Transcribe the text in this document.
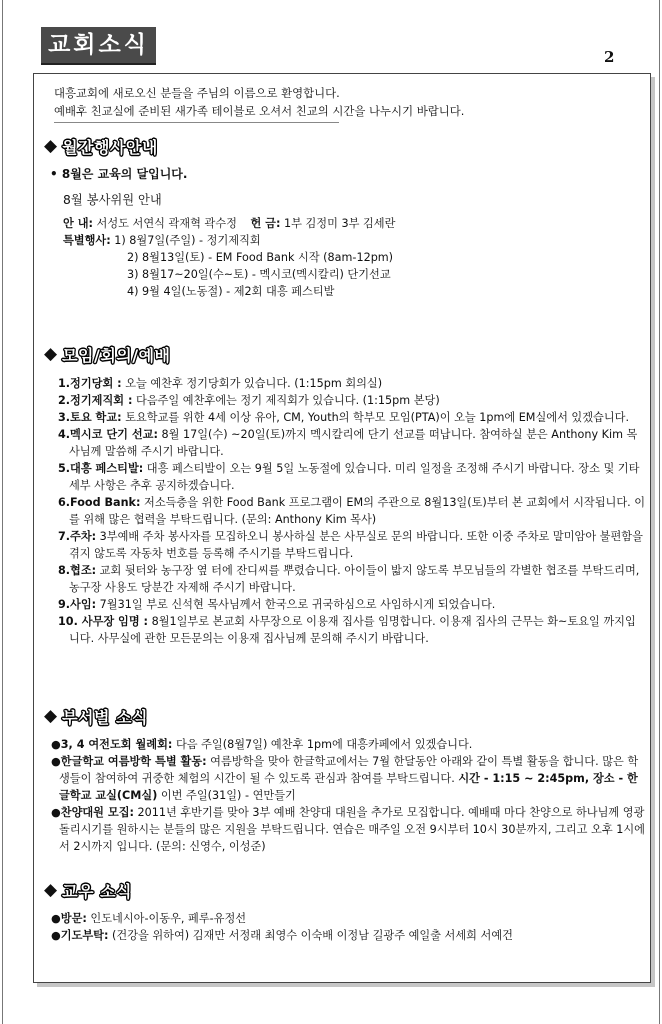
교회소식	2
대흥교회에 새로오신 분들을 주님의 이름으로 환영합니다.
예배후 친교실에 준비된 새가족 테이블로 오셔서 친교의 시간을 나누시기 바랍니다.
◆ 월간행사안내
• 8월은 교육의 달입니다.
8월 봉사위원 안내
안 내: 서성도 서연식 곽재혁 곽수정 헌 금: 1부 김정미 3부 김세란
특별행사: 1) 8월7일(주일) - 정기제직회
2) 8월13일(토) - EM Food Bank 시작 (8am-12pm)
3) 8월17~20일(수~토) - 멕시코(멕시칼리) 단기선교
4) 9월 4일(노동절) - 제2회 대흥 페스티발
◆ 모임/회의/예배

1.정기당회 : 오늘 예찬후 정기당회가 있습니다. (1:15pm 회의실)

2.정기제직회 : 다음주일 예찬후에는 정기 제직회가 있습니다. (1:15pm 본당)

3.토요 학교: 토요학교를 위한 4세 이상 유아, CM, Youth의 학부모 모임(PTA)이 오늘 1pm에 EM실에서 있겠습니다.

4.멕시코 단기 선교: 8월 17일(수) ~20일(토)까지 멕시칼리에 단기 선교를 떠납니다. 참여하실 분은 Anthony Kim 목사님께 말씀해 주시기 바랍니다.

5.대흥 페스티발: 대흥 페스티발이 오는 9월 5일 노동절에 있습니다. 미리 일정을 조정해 주시기 바랍니다. 장소 및 기타 세부 사항은 추후 공지하겠습니다.

6.Food Bank: 저소득층을 위한 Food Bank 프로그램이 EM의 주관으로 8월13일(토)부터 본 교회에서 시작됩니다. 이를 위해 많은 협력을 부탁드립니다. (문의: Anthony Kim 목사)

7.주차: 3부예배 주차 봉사자를 모집하오니 봉사하실 분은 사무실로 문의 바랍니다. 또한 이중 주차로 말미암아 불편함을 겪지 않도록 자동차 번호를 등록해 주시기를 부탁드립니다.

8.협조: 교회 뒷터와 농구장 옆 터에 잔디씨를 뿌렸습니다. 아이들이 밟지 않도록 부모님들의 각별한 협조를 부탁드리며, 농구장 사용도 당분간 자제해 주시기 바랍니다.

9.사임: 7월31일 부로 신석현 목사님께서 한국으로 귀국하심으로 사임하시게 되었습니다.

10. 사무장 임명 : 8월1일부로 본교회 사무장으로 이용재 집사를 임명합니다. 이용재 집사의 근무는 화~토요일 까지입니다. 사무실에 관한 모든문의는 이용재 집사님께 문의해 주시기 바랍니다.

◆ 부서별 소식

●3, 4 여전도회 월례회: 다음 주일(8월7일) 예찬후 1pm에 대흥카페에서 있겠습니다.

●한글학교 여름방학 특별 활동: 여름방학을 맞아 한글학교에서는 7월 한달동안 아래와 같이 특별 활동을 합니다. 많은 학생들이 참여하여 귀중한 체험의 시간이 될 수 있도록 관심과 참여를 부탁드립니다. 시간 - 1:15 ~ 2:45pm, 장소 - 한글학교 교실(CM실) 이번 주일(31일) - 연만들기

●찬양대원 모집: 2011년 후반기를 맞아 3부 예배 찬양대 대원을 추가로 모집합니다. 예배때 마다 찬양으로 하나님께 영광 돌리시기를 원하시는 분들의 많은 지원을 부탁드립니다. 연습은 매주일 오전 9시부터 10시 30분까지, 그리고 오후 1시에서 2시까지 입니다. (문의: 신영수, 이성준)

◆ 교우 소식

●방문: 인도네시아-이동우, 페루-유정선

●기도부탁: (건강을 위하여) 김재만 서정래 최영수 이숙배 이정남 길광주 예일출 서세희 서예건
